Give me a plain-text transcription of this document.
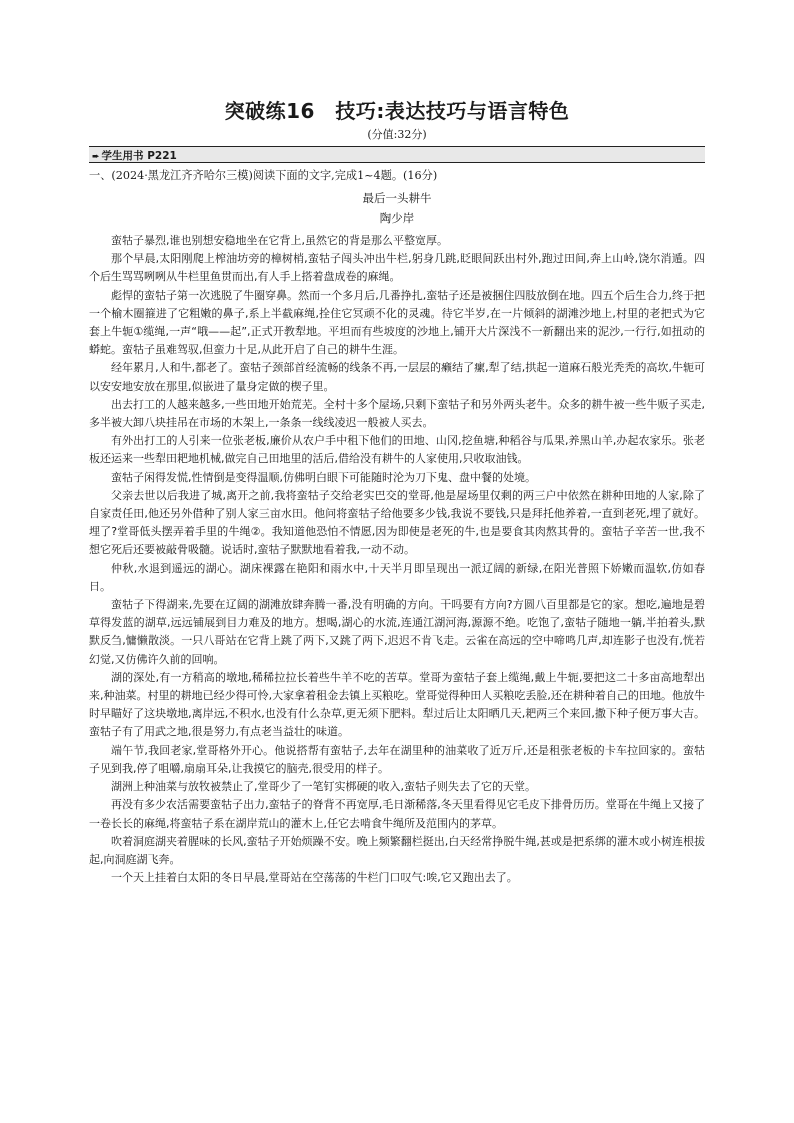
突破练16　技巧:表达技巧与语言特色
(分值:32分)
➨ 学生用书 P221
一、(2024·黑龙江齐齐哈尔三模)阅读下面的文字,完成1~4题。(16分)
最后一头耕牛
陶少岸

蛮牯子暴烈,谁也别想安稳地坐在它背上,虽然它的背是那么平整宽厚。

那个早晨,太阳刚爬上榨油坊旁的樟树梢,蛮牯子闯头冲出牛栏,躬身几跳,眨眼间跃出村外,跑过田间,奔上山岭,饶尔消遁。四个后生骂骂咧咧从牛栏里鱼贯而出,有人手上搭着盘成卷的麻绳。

彪悍的蛮牯子第一次逃脱了牛圈穿鼻。然而一个多月后,几番挣扎,蛮牯子还是被捆住四肢放倒在地。四五个后生合力,终于把一个榆木圈箍进了它粗嫩的鼻子,系上半截麻绳,拴住它冥顽不化的灵魂。待它半岁,在一片倾斜的湖滩沙地上,村里的老把式为它套上牛轭①缆绳,一声“哦——起”,正式开教犁地。平坦而有些坡度的沙地上,铺开大片深浅不一新翻出来的泥沙,一行行,如扭动的蟒蛇。蛮牯子虽难驾驭,但蛮力十足,从此开启了自己的耕牛生涯。

经年累月,人和牛,都老了。蛮牯子颈部首经流畅的线条不再,一层层的癞结了瘰,犁了结,拱起一道麻石般光秃秃的高坎,牛轭可以安安地安放在那里,似嵌进了量身定做的楔子里。

出去打工的人越来越多,一些田地开始荒芜。全村十多个屋场,只剩下蛮牯子和另外两头老牛。众多的耕牛被一些牛贩子买走,多半被大卸八块挂吊在市场的木架上,一条条一线线凌迟一般被人买去。

有外出打工的人引来一位张老板,廉价从农户手中租下他们的田地、山冈,挖鱼塘,种稻谷与瓜果,养黑山羊,办起农家乐。张老板还运来一些犁田耙地机械,做完自己田地里的活后,借给没有耕牛的人家使用,只收取油钱。

蛮牯子闲得发慌,性情倒是变得温顺,仿佛明白眼下可能随时沦为刀下鬼、盘中餐的处境。

父亲去世以后我进了城,离开之前,我将蛮牯子交给老实巴交的堂哥,他是屋场里仅剩的两三户中依然在耕种田地的人家,除了自家责任田,他还另外借种了别人家三亩水田。他问将蛮牯子给他要多少钱,我说不要钱,只是拜托他养着,一直到老死,埋了就好。埋了?堂哥低头摆弄着手里的牛绳②。我知道他恐怕不情愿,因为即使是老死的牛,也是要食其肉熬其骨的。蛮牯子辛苦一世,我不想它死后还要被敲骨吸髓。说话时,蛮牯子默默地看着我,一动不动。

仲秋,水退到遥远的湖心。湖床裸露在艳阳和雨水中,十天半月即呈现出一派辽阔的新绿,在阳光普照下娇嫩而温软,仿如春日。

蛮牯子下得湖来,先要在辽阔的湖滩放肆奔腾一番,没有明确的方向。干吗要有方向?方圆八百里都是它的家。想吃,遍地是碧草得发蓝的湖草,远远铺展到目力难及的地方。想喝,湖心的水流,连通江湖河海,源源不绝。吃饱了,蛮牯子随地一躺,半拍着头,默默反刍,慵懒散淡。一只八哥站在它背上跳了两下,又跳了两下,迟迟不肯飞走。云雀在高远的空中啼鸣几声,却连影子也没有,恍若幻觉,又仿佛许久前的回响。

湖的深处,有一方稍高的墩地,稀稀拉拉长着些牛羊不吃的苦草。堂哥为蛮牯子套上缆绳,戴上牛轭,要把这二十多亩高地犁出来,种油菜。村里的耕地已经少得可怜,大家拿着租金去镇上买粮吃。堂哥觉得种田人买粮吃丢脸,还在耕种着自己的田地。他放牛时早瞄好了这块墩地,离岸远,不积水,也没有什么杂草,更无须下肥料。犁过后让太阳晒几天,耙两三个来回,撒下种子便万事大吉。蛮牯子有了用武之地,很是努力,有点老当益壮的味道。

端午节,我回老家,堂哥格外开心。他说搭帮有蛮牯子,去年在湖里种的油菜收了近万斤,还是租张老板的卡车拉回家的。蛮牯子见到我,停了咀嚼,扇扇耳朵,让我摸它的脑壳,很受用的样子。

湖洲上种油菜与放牧被禁止了,堂哥少了一笔钉实梆硬的收入,蛮牯子则失去了它的天堂。

再没有多少农活需要蛮牯子出力,蛮牯子的脊背不再宽厚,毛日渐稀落,冬天里看得见它毛皮下排骨历历。堂哥在牛绳上又接了一卷长长的麻绳,将蛮牯子系在湖岸荒山的灌木上,任它去啃食牛绳所及范围内的茅草。

吹着洞庭湖夹着腥味的长风,蛮牯子开始烦躁不安。晚上频繁翻栏挺出,白天经常挣脱牛绳,甚或是把系绑的灌木或小树连根拔起,向洞庭湖飞奔。

一个天上挂着白太阳的冬日早晨,堂哥站在空荡荡的牛栏门口叹气:唉,它又跑出去了。
